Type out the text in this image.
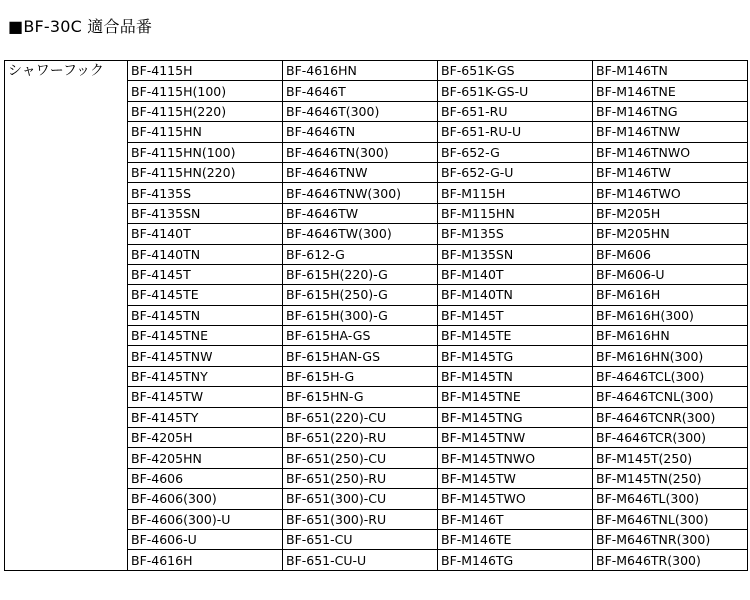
■BF-30C 適合品番
シャワーフック	BF-4115H	BF-4616HN	BF-651K-GS	BF-M146TN
	BF-4115H(100)	BF-4646T	BF-651K-GS-U	BF-M146TNE
	BF-4115H(220)	BF-4646T(300)	BF-651-RU	BF-M146TNG
	BF-4115HN	BF-4646TN	BF-651-RU-U	BF-M146TNW
	BF-4115HN(100)	BF-4646TN(300)	BF-652-G	BF-M146TNWO
	BF-4115HN(220)	BF-4646TNW	BF-652-G-U	BF-M146TW
	BF-4135S	BF-4646TNW(300)	BF-M115H	BF-M146TWO
	BF-4135SN	BF-4646TW	BF-M115HN	BF-M205H
	BF-4140T	BF-4646TW(300)	BF-M135S	BF-M205HN
	BF-4140TN	BF-612-G	BF-M135SN	BF-M606
	BF-4145T	BF-615H(220)-G	BF-M140T	BF-M606-U
	BF-4145TE	BF-615H(250)-G	BF-M140TN	BF-M616H
	BF-4145TN	BF-615H(300)-G	BF-M145T	BF-M616H(300)
	BF-4145TNE	BF-615HA-GS	BF-M145TE	BF-M616HN
	BF-4145TNW	BF-615HAN-GS	BF-M145TG	BF-M616HN(300)
	BF-4145TNY	BF-615H-G	BF-M145TN	BF-4646TCL(300)
	BF-4145TW	BF-615HN-G	BF-M145TNE	BF-4646TCNL(300)
	BF-4145TY	BF-651(220)-CU	BF-M145TNG	BF-4646TCNR(300)
	BF-4205H	BF-651(220)-RU	BF-M145TNW	BF-4646TCR(300)
	BF-4205HN	BF-651(250)-CU	BF-M145TNWO	BF-M145T(250)
	BF-4606	BF-651(250)-RU	BF-M145TW	BF-M145TN(250)
	BF-4606(300)	BF-651(300)-CU	BF-M145TWO	BF-M646TL(300)
	BF-4606(300)-U	BF-651(300)-RU	BF-M146T	BF-M646TNL(300)
	BF-4606-U	BF-651-CU	BF-M146TE	BF-M646TNR(300)
	BF-4616H	BF-651-CU-U	BF-M146TG	BF-M646TR(300)
